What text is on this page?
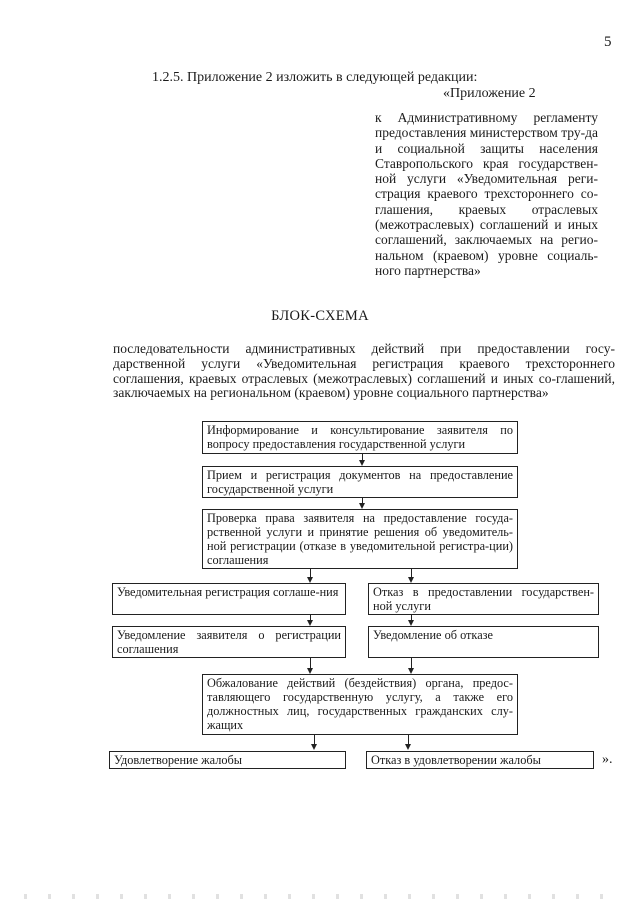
5
1.2.5. Приложение 2 изложить в следующей редакции:
«Приложение 2
к Административному регламенту предоставления министерством тру-да и социальной защиты населения Ставропольского края государствен-ной услуги «Уведомительная реги-страция краевого трехстороннего со-глашения, краевых отраслевых (межотраслевых) соглашений и иных соглашений, заключаемых на регио-нальном (краевом) уровне социаль-ного партнерства»
БЛОК-СХЕМА
последовательности административных действий при предоставлении госу-дарственной услуги «Уведомительная регистрация краевого трехстороннего соглашения, краевых отраслевых (межотраслевых) соглашений и иных со-глашений, заключаемых на региональном (краевом) уровне социального партнерства»
Информирование и консультирование заявителя по вопросу предоставления государственной услуги
Прием и регистрация документов на предоставление государственной услуги
Проверка права заявителя на предоставление госуда-рственной услуги и принятие решения об уведомитель-ной регистрации (отказе в уведомительной регистра-ции) соглашения
Уведомительная регистрация соглаше-ния	Отказ в предоставлении государствен-ной услуги
Уведомление заявителя о регистрации соглашения
Уведомление об отказе
Обжалование действий (бездействия) органа, предос-тавляющего государственную услугу, а также его должностных лиц, государственных гражданских слу-жащих
Удовлетворение жалобы	Отказ в удовлетворении жалобы	».
